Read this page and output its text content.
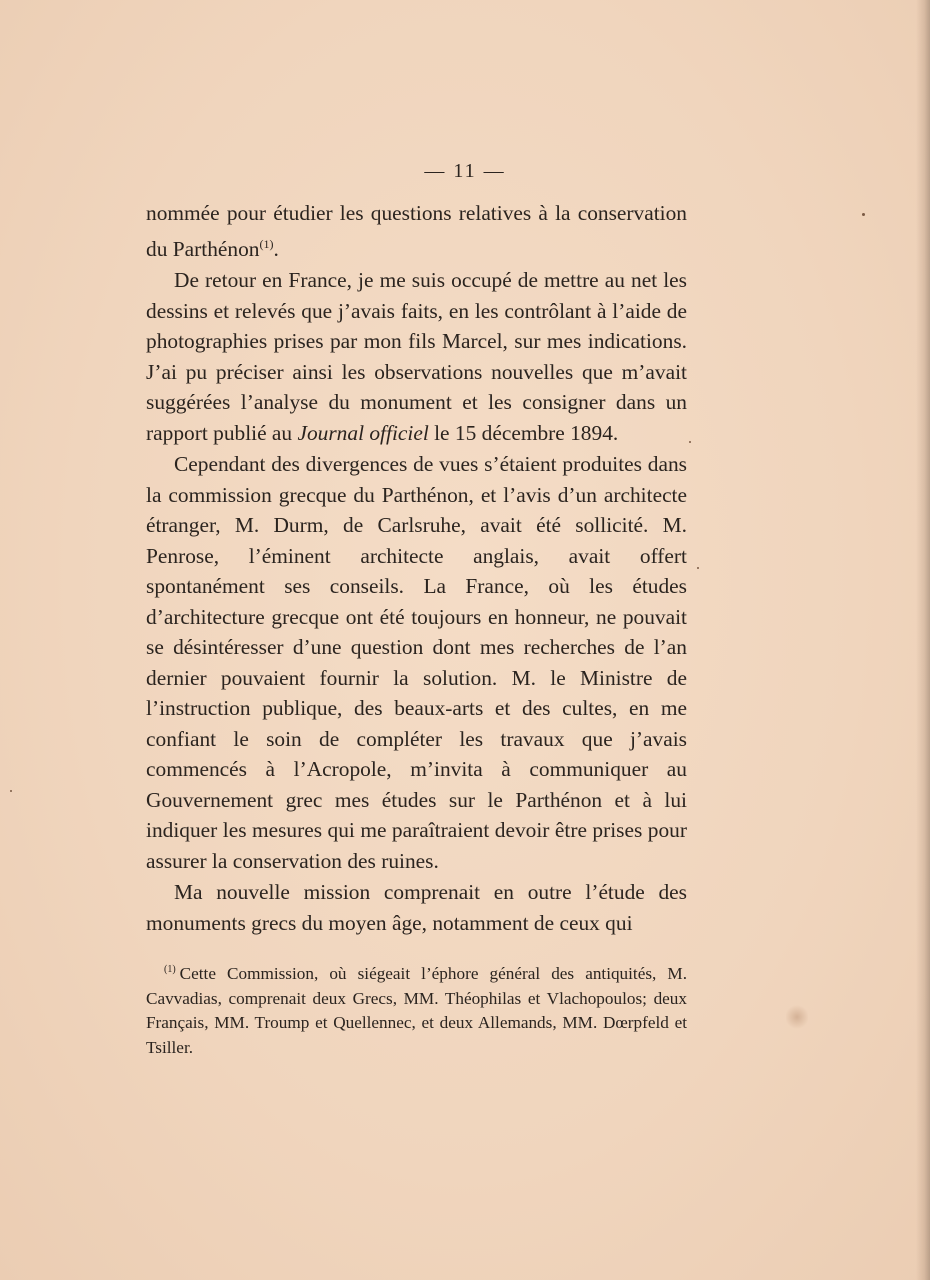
— 11 —

nommée pour étudier les questions relatives à la conservation du Parthénon$^{(1)}$.

De retour en France, je me suis occupé de mettre au net les dessins et relevés que j’avais faits, en les contrôlant à l’aide de photographies prises par mon fils Marcel, sur mes indications. J’ai pu préciser ainsi les observations nouvelles que m’avait suggérées l’analyse du monument et les consigner dans un rapport publié au Journal officiel le 15 décembre 1894.

Cependant des divergences de vues s’étaient produites dans la commission grecque du Parthénon, et l’avis d’un architecte étranger, M. Durm, de Carlsruhe, avait été sollicité. M. Penrose, l’éminent architecte anglais, avait offert spontanément ses conseils. La France, où les études d’architecture grecque ont été toujours en honneur, ne pouvait se désintéresser d’une question dont mes recherches de l’an dernier pouvaient fournir la solution. M. le Ministre de l’instruction publique, des beaux-arts et des cultes, en me confiant le soin de compléter les travaux que j’avais commencés à l’Acropole, m’invita à communiquer au Gouvernement grec mes études sur le Parthénon et à lui indiquer les mesures qui me paraîtraient devoir être prises pour assurer la conservation des ruines.

Ma nouvelle mission comprenait en outre l’étude des monuments grecs du moyen âge, notamment de ceux qui

$^{(1)}$ Cette Commission, où siégeait l’éphore général des antiquités, M. Cavvadias, comprenait deux Grecs, MM. Théophilas et Vlachopoulos; deux Français, MM. Troump et Quellennec, et deux Allemands, MM. Dœrpfeld et Tsiller.
